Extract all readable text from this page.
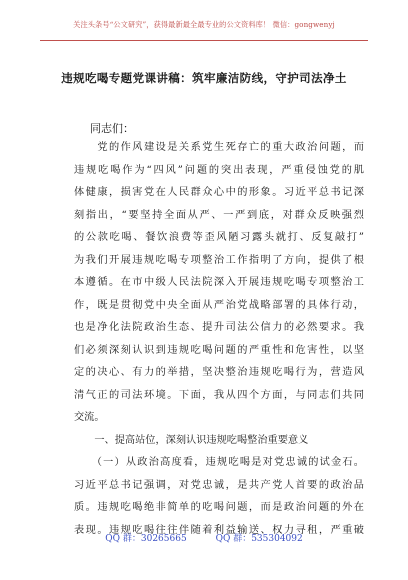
关注头条号“公文研究”，获得最新最全最专业的公文资料库！ 微信：gongwenyj
违规吃喝专题党课讲稿：筑牢廉洁防线，守护司法净土
同志们：
　　党的作风建设是关系党生死存亡的重大政治问题，而
违规吃喝作为“四风”问题的突出表现，严重侵蚀党的肌
体健康，损害党在人民群众心中的形象。习近平总书记深
刻指出，“要坚持全面从严、一严到底，对群众反映强烈
的公款吃喝、餐饮浪费等歪风陋习露头就打、反复敲打”
为我们开展违规吃喝专项整治工作指明了方向，提供了根
本遵循。在市中级人民法院深入开展违规吃喝专项整治工
作，既是贯彻党中央全面从严治党战略部署的具体行动，
也是净化法院政治生态、提升司法公信力的必然要求。我
们必须深刻认识到违规吃喝问题的严重性和危害性，以坚
定的决心、有力的举措，坚决整治违规吃喝行为，营造风
清气正的司法环境。下面，我从四个方面，与同志们共同
交流。
　　一、提高站位，深刻认识违规吃喝整治重要意义
　　（一）从政治高度看，违规吃喝是对党忠诚的试金石。
习近平总书记强调，对党忠诚，是共产党人首要的政治品
质。违规吃喝绝非简单的吃喝问题，而是政治问题的外在
表现。违规吃喝往往伴随着利益输送、权力寻租，严重破
QQ 群：30265665	QQ 群：535304092
